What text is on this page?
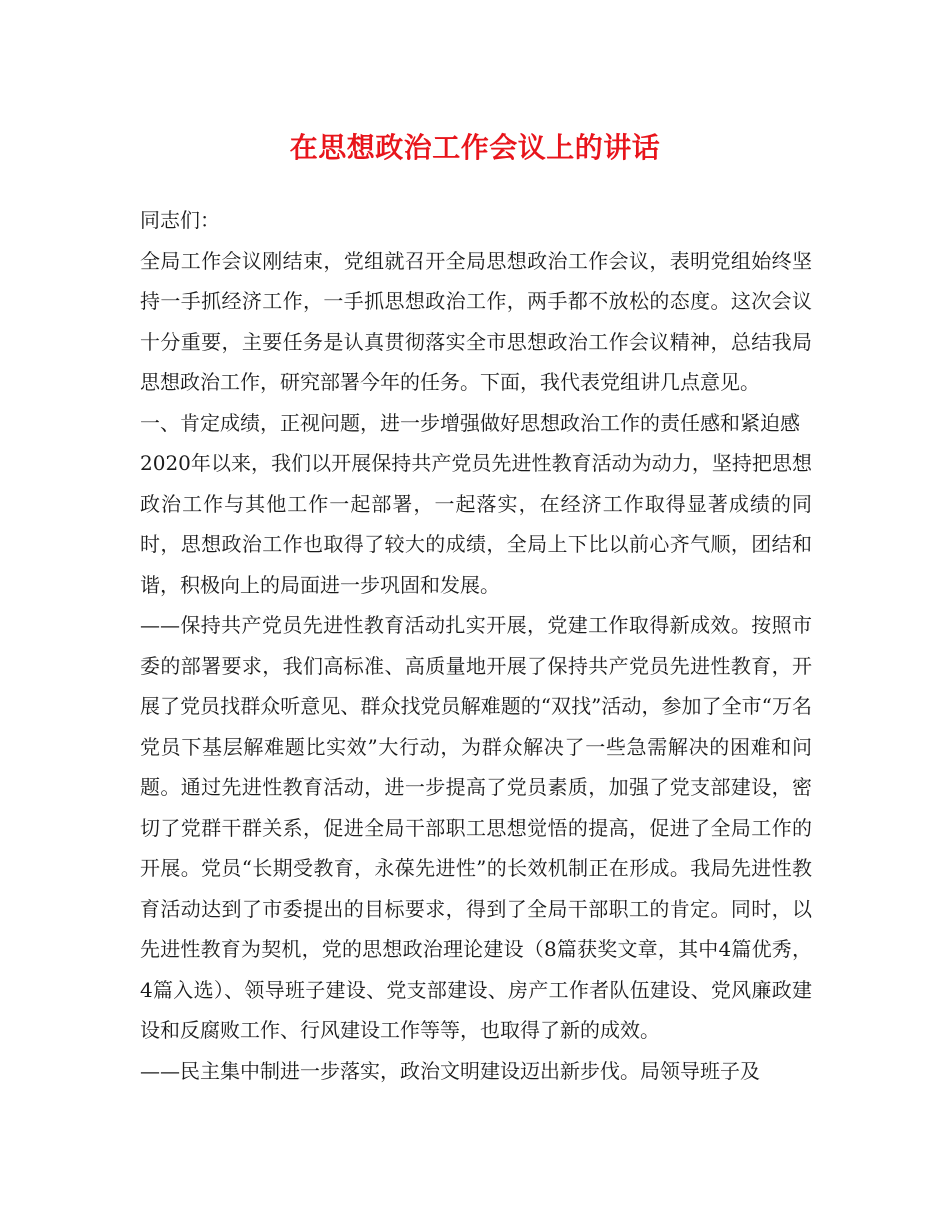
在思想政治工作会议上的讲话

同志们：

全局工作会议刚结束，党组就召开全局思想政治工作会议，表明党组始终坚持一手抓经济工作，一手抓思想政治工作，两手都不放松的态度。这次会议十分重要，主要任务是认真贯彻落实全市思想政治工作会议精神，总结我局思想政治工作，研究部署今年的任务。下面，我代表党组讲几点意见。

一、肯定成绩，正视问题，进一步增强做好思想政治工作的责任感和紧迫感

2020年以来，我们以开展保持共产党员先进性教育活动为动力，坚持把思想政治工作与其他工作一起部署，一起落实，在经济工作取得显著成绩的同时，思想政治工作也取得了较大的成绩，全局上下比以前心齐气顺，团结和谐，积极向上的局面进一步巩固和发展。

——保持共产党员先进性教育活动扎实开展，党建工作取得新成效。按照市委的部署要求，我们高标准、高质量地开展了保持共产党员先进性教育，开展了党员找群众听意见、群众找党员解难题的“双找”活动，参加了全市“万名党员下基层解难题比实效”大行动，为群众解决了一些急需解决的困难和问题。通过先进性教育活动，进一步提高了党员素质，加强了党支部建设，密切了党群干群关系，促进全局干部职工思想觉悟的提高，促进了全局工作的开展。党员“长期受教育，永葆先进性”的长效机制正在形成。我局先进性教育活动达到了市委提出的目标要求，得到了全局干部职工的肯定。同时，以先进性教育为契机，党的思想政治理论建设（8篇获奖文章，其中4篇优秀，4篇入选）、领导班子建设、党支部建设、房产工作者队伍建设、党风廉政建设和反腐败工作、行风建设工作等等，也取得了新的成效。

——民主集中制进一步落实，政治文明建设迈出新步伐。局领导班子及
